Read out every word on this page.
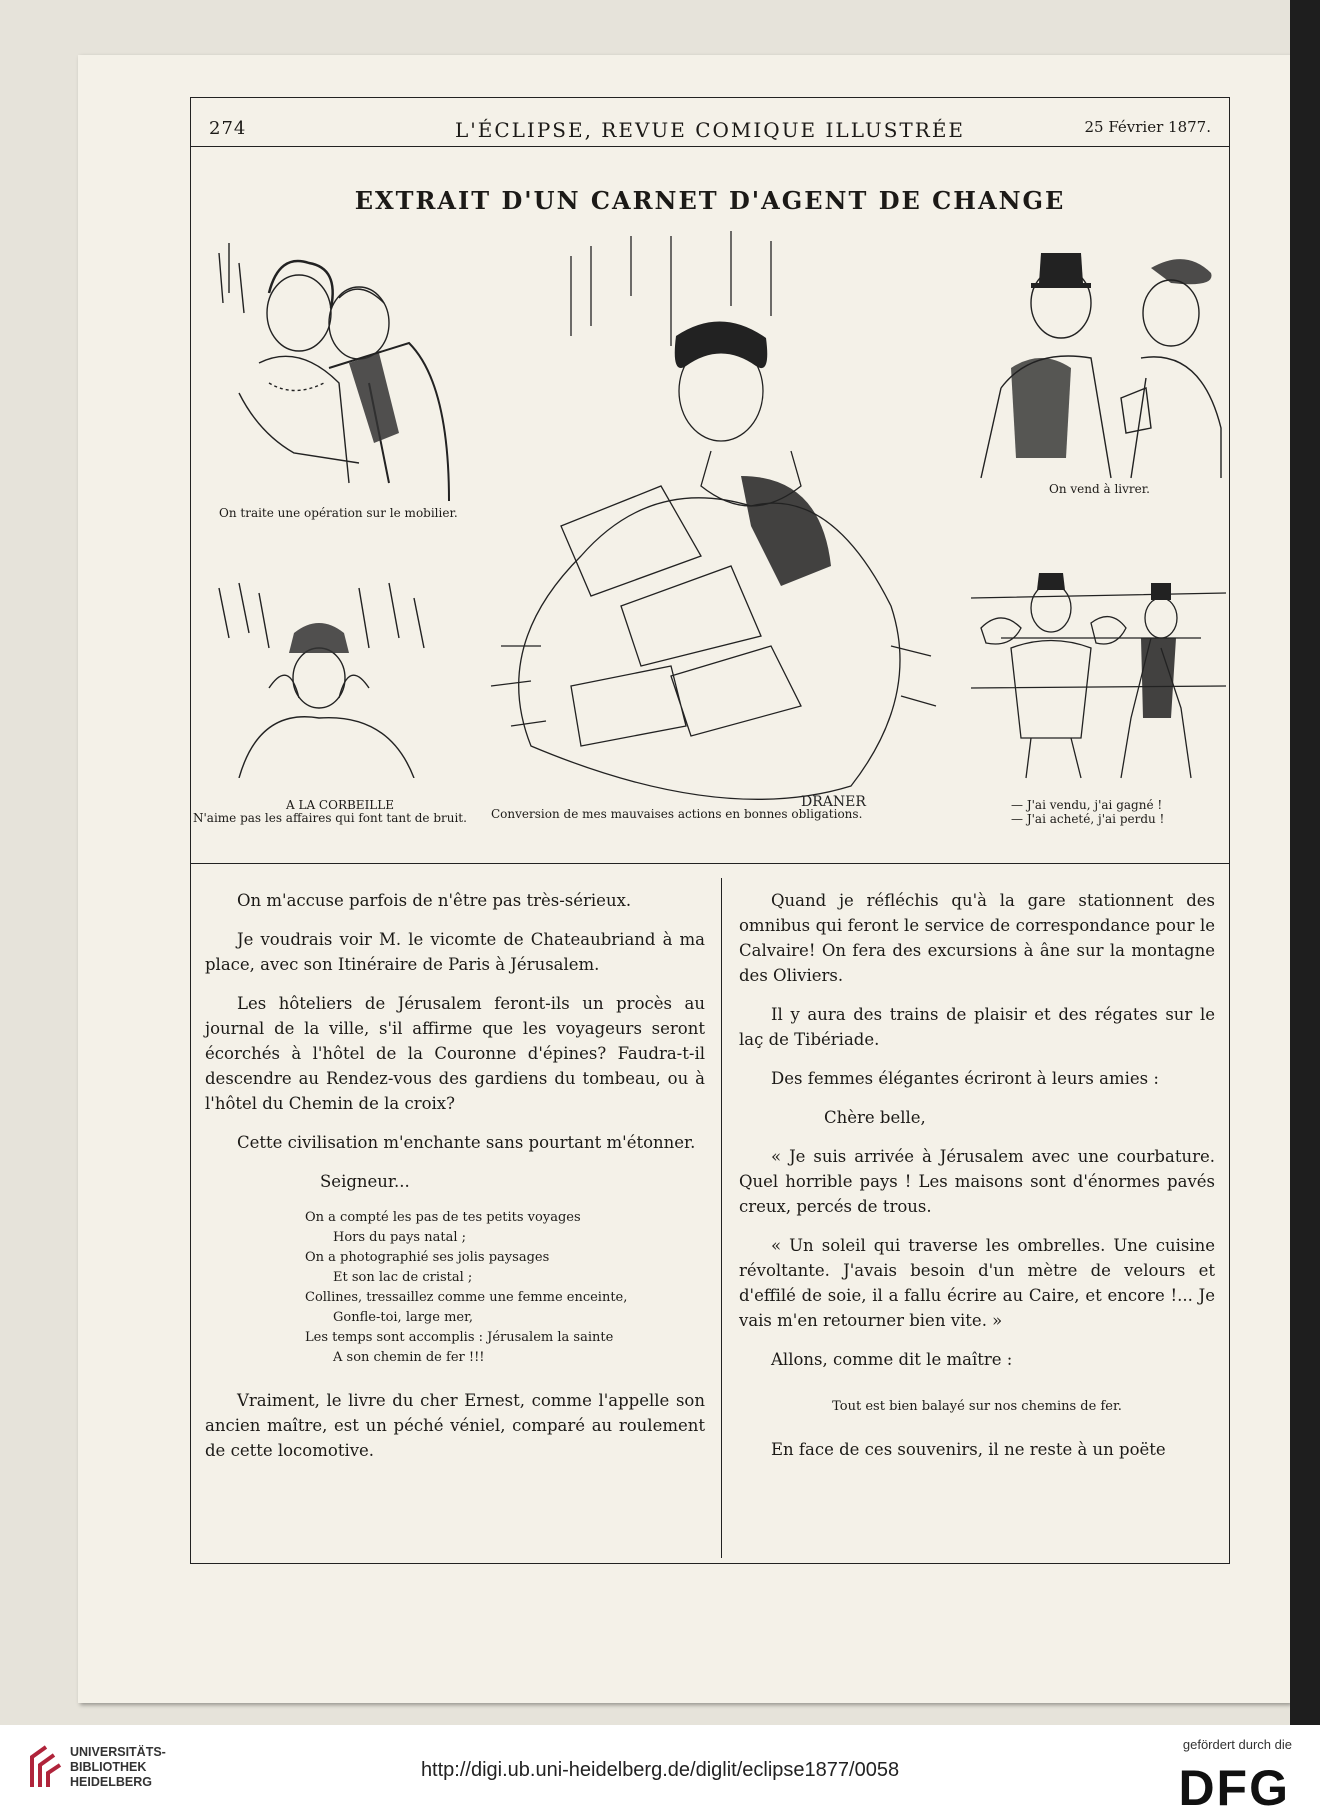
274	L'ÉCLIPSE, REVUE COMIQUE ILLUSTRÉE	25 Février 1877.
EXTRAIT D'UN CARNET D'AGENT DE CHANGE
On traite une opération sur le mobilier.
DRANER
Conversion de mes mauvaises actions en bonnes obligations.
On vend à livrer.
A LA CORBEILLE
N'aime pas les affaires qui font tant de bruit.
— J'ai vendu, j'ai gagné !
— J'ai acheté, j'ai perdu !

On m'accuse parfois de n'être pas très-sérieux.

Je voudrais voir M. le vicomte de Chateaubriand à ma place, avec son Itinéraire de Paris à Jérusalem.

Les hôteliers de Jérusalem feront-ils un procès au journal de la ville, s'il affirme que les voyageurs seront écorchés à l'hôtel de la Couronne d'épines? Faudra-t-il descendre au Rendez-vous des gardiens du tombeau, ou à l'hôtel du Chemin de la croix?

Cette civilisation m'enchante sans pourtant m'étonner.

Seigneur...

On a compté les pas de tes petits voyages
Hors du pays natal ;
On a photographié ses jolis paysages
Et son lac de cristal ;
Collines, tressaillez comme une femme enceinte,
Gonfle-toi, large mer,
Les temps sont accomplis : Jérusalem la sainte
A son chemin de fer !!!

Vraiment, le livre du cher Ernest, comme l'appelle son ancien maître, est un péché véniel, comparé au roulement de cette locomotive.

Quand je réfléchis qu'à la gare stationnent des omnibus qui feront le service de correspondance pour le Calvaire! On fera des excursions à âne sur la montagne des Oliviers.

Il y aura des trains de plaisir et des régates sur le laç de Tibériade.

Des femmes élégantes écriront à leurs amies :

Chère belle,

« Je suis arrivée à Jérusalem avec une courbature. Quel horrible pays ! Les maisons sont d'énormes pavés creux, percés de trous.

« Un soleil qui traverse les ombrelles. Une cuisine révoltante. J'avais besoin d'un mètre de velours et d'effilé de soie, il a fallu écrire au Caire, et encore !... Je vais m'en retourner bien vite. »

Allons, comme dit le maître :

Tout est bien balayé sur nos chemins de fer.

En face de ces souvenirs, il ne reste à un poëte

UNIVERSITÄTS-
BIBLIOTHEK
HEIDELBERG
http://digi.ub.uni-heidelberg.de/diglit/eclipse1877/0058
gefördert durch die
DFG
